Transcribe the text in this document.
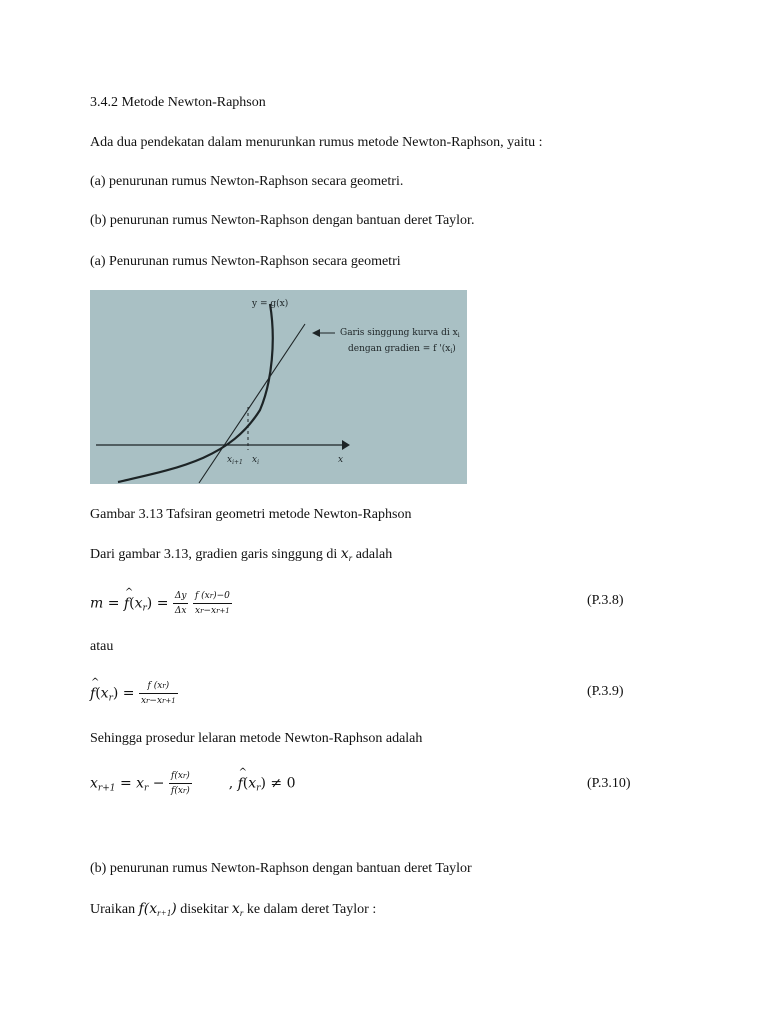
3.4.2 Metode Newton-Raphson
Ada dua pendekatan dalam menurunkan rumus metode Newton-Raphson, yaitu :
(a) penurunan rumus Newton-Raphson secara geometri.
(b) penurunan rumus Newton-Raphson dengan bantuan deret Taylor.
(a) Penurunan rumus Newton-Raphson secara geometri
y = g(x)
Garis singgung kurva di $x_i$
dengan gradien = f '$(x_i)$
$x_{i+1}$ $x_i$	x
Gambar 3.13 Tafsiran geometri metode Newton-Raphson
Dari gambar 3.13, gradien garis singgung di $x_r$ adalah
m = ^ $f(x_r) = \frac{\Delta y}{\Delta x}$
$\frac{f (xr)-0}{xr-xr+1}$	(P.3.8)
atau
^ $f(x_r) = \frac{f (xr)}{xr-xr+1}$	(P.3.9)
Sehingga prosedur lelaran metode Newton-Raphson adalah
$x_{r+1} = x_r - \frac{f(xr)}{f(xr)}$	, ^ $f(x_r) \ne 0$	(P.3.10)
(b) penurunan rumus Newton-Raphson dengan bantuan deret Taylor
Uraikan $f(x_{r+1})$ disekitar $x_r$ ke dalam deret Taylor :
